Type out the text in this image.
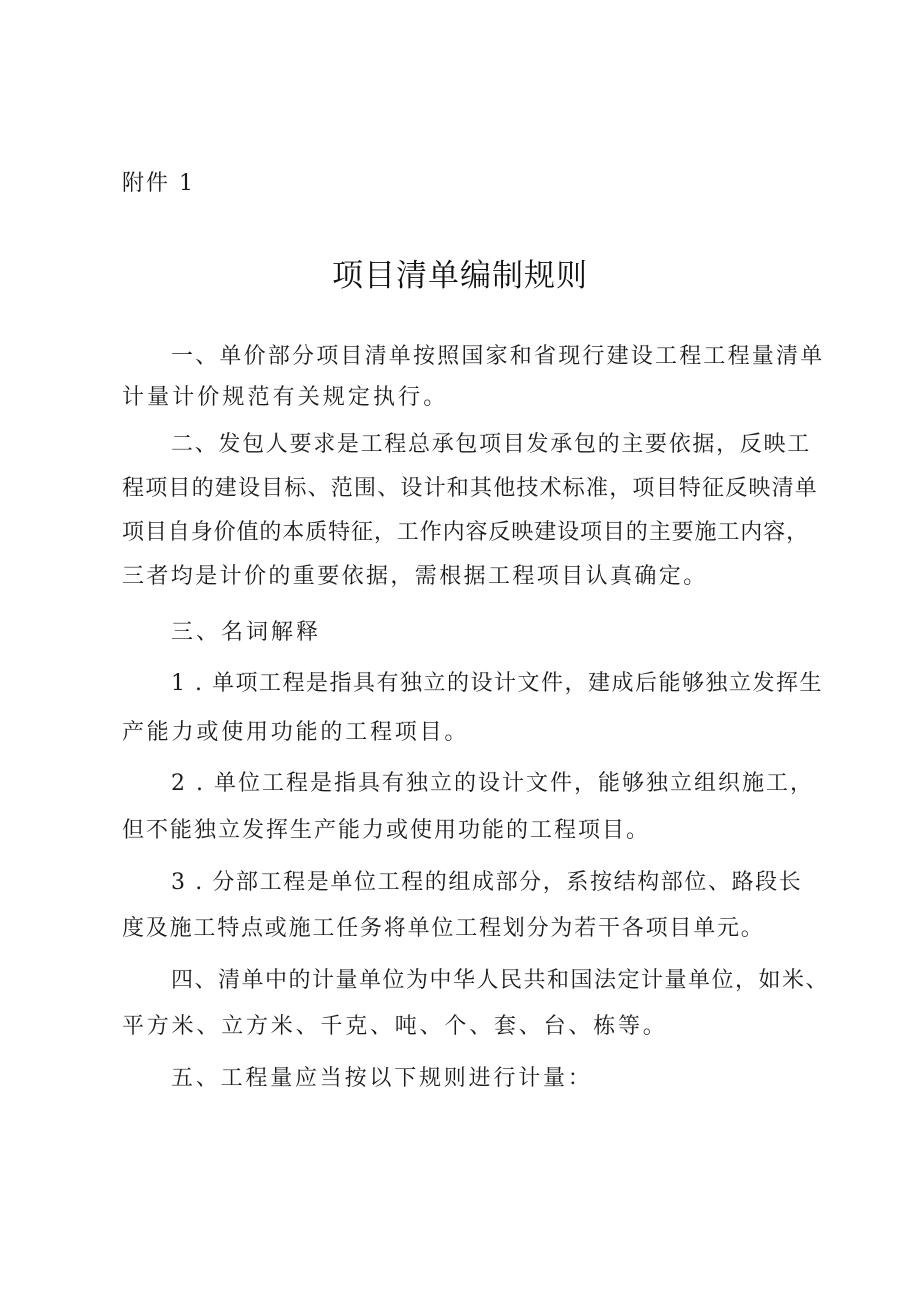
附件 1
项目清单编制规则
一、单价部分项目清单按照国家和省现行建设工程工程量清单
计量计价规范有关规定执行。
二、发包人要求是工程总承包项目发承包的主要依据，反映工
程项目的建设目标、范围、设计和其他技术标准，项目特征反映清单
项目自身价值的本质特征，工作内容反映建设项目的主要施工内容，
三者均是计价的重要依据，需根据工程项目认真确定。
三、名词解释
1 . 单项工程是指具有独立的设计文件，建成后能够独立发挥生
产能力或使用功能的工程项目。
2 . 单位工程是指具有独立的设计文件，能够独立组织施工，
但不能独立发挥生产能力或使用功能的工程项目。
3 . 分部工程是单位工程的组成部分，系按结构部位、路段长
度及施工特点或施工任务将单位工程划分为若干各项目单元。
四、清单中的计量单位为中华人民共和国法定计量单位，如米、
平方米、立方米、千克、吨、个、套、台、栋等。
五、工程量应当按以下规则进行计量：
